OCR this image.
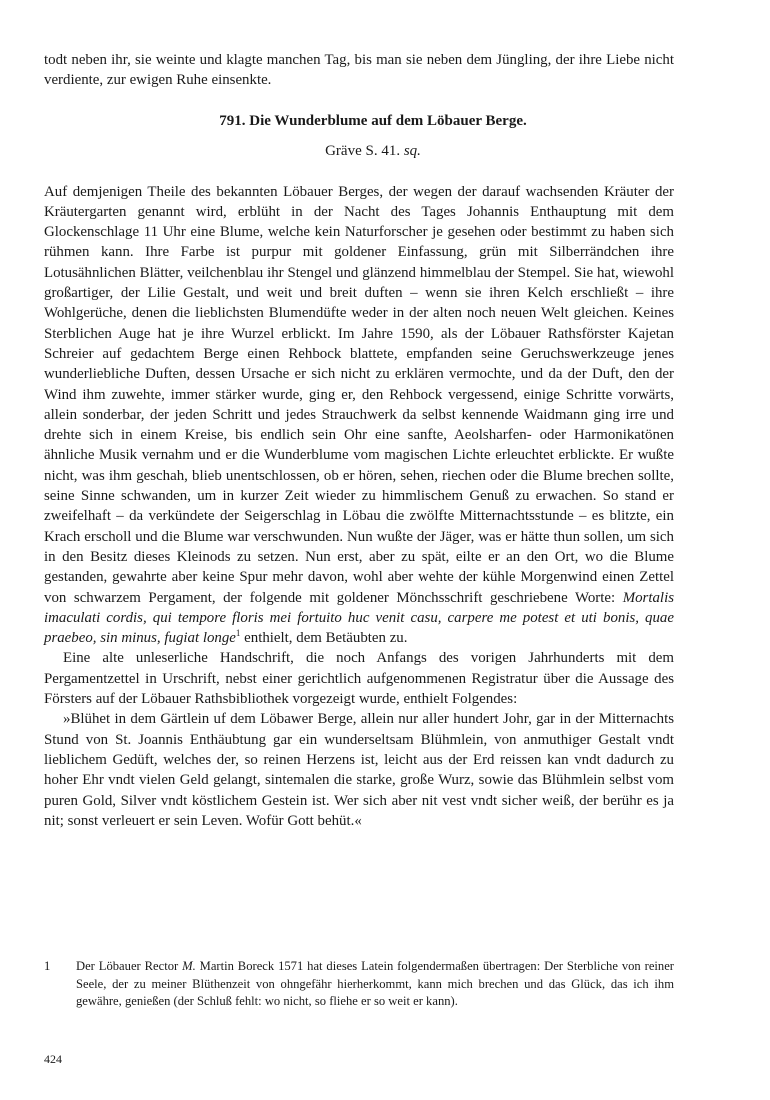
todt neben ihr, sie weinte und klagte manchen Tag, bis man sie neben dem Jüngling, der ihre Liebe nicht verdiente, zur ewigen Ruhe einsenkte.

791. Die Wunderblume auf dem Löbauer Berge.
Gräve S. 41. sq.

Auf demjenigen Theile des bekannten Löbauer Berges, der wegen der darauf wachsenden Kräuter der Kräutergarten genannt wird, erblüht in der Nacht des Tages Johannis Enthauptung mit dem Glockenschlage 11 Uhr eine Blume, welche kein Naturforscher je gesehen oder bestimmt zu haben sich rühmen kann. Ihre Farbe ist purpur mit goldener Einfassung, grün mit Silberrändchen ihre Lotusähnlichen Blätter, veilchenblau ihr Stengel und glänzend himmelblau der Stempel. Sie hat, wiewohl großartiger, der Lilie Gestalt, und weit und breit duften – wenn sie ihren Kelch erschließt – ihre Wohlgerüche, denen die lieblichsten Blumendüfte weder in der alten noch neuen Welt gleichen. Keines Sterblichen Auge hat je ihre Wurzel erblickt. Im Jahre 1590, als der Löbauer Rathsförster Kajetan Schreier auf gedachtem Berge einen Rehbock blattete, empfanden seine Geruchswerkzeuge jenes wunderliebliche Duften, dessen Ursache er sich nicht zu erklären vermochte, und da der Duft, den der Wind ihm zuwehte, immer stärker wurde, ging er, den Rehbock vergessend, einige Schritte vorwärts, allein sonderbar, der jeden Schritt und jedes Strauchwerk da selbst kennende Waidmann ging irre und drehte sich in einem Kreise, bis endlich sein Ohr eine sanfte, Aeolsharfen- oder Harmonikatönen ähnliche Musik vernahm und er die Wunderblume vom magischen Lichte erleuchtet erblickte. Er wußte nicht, was ihm geschah, blieb unentschlossen, ob er hören, sehen, riechen oder die Blume brechen sollte, seine Sinne schwanden, um in kurzer Zeit wieder zu himmlischem Genuß zu erwachen. So stand er zweifelhaft – da verkündete der Seigerschlag in Löbau die zwölfte Mitternachtsstunde – es blitzte, ein Krach erscholl und die Blume war verschwunden. Nun wußte der Jäger, was er hätte thun sollen, um sich in den Besitz dieses Kleinods zu setzen. Nun erst, aber zu spät, eilte er an den Ort, wo die Blume gestanden, gewahrte aber keine Spur mehr davon, wohl aber wehte der kühle Morgenwind einen Zettel von schwarzem Pergament, der folgende mit goldener Mönchsschrift geschriebene Worte: Mortalis imaculati cordis, qui tempore floris mei fortuito huc venit casu, carpere me potest et uti bonis, quae praebeo, sin minus, fugiat longe$^1$ enthielt, dem Betäubten zu.

Eine alte unleserliche Handschrift, die noch Anfangs des vorigen Jahrhunderts mit dem Pergamentzettel in Urschrift, nebst einer gerichtlich aufgenommenen Registratur über die Aussage des Försters auf der Löbauer Rathsbibliothek vorgezeigt wurde, enthielt Folgendes:

»Blühet in dem Gärtlein uf dem Löbawer Berge, allein nur aller hundert Johr, gar in der Mitternachts Stund von St. Joannis Enthäubtung gar ein wunderseltsam Blühmlein, von anmuthiger Gestalt vndt lieblichem Gedüft, welches der, so reinen Herzens ist, leicht aus der Erd reissen kan vndt dadurch zu hoher Ehr vndt vielen Geld gelangt, sintemalen die starke, große Wurz, sowie das Blühmlein selbst vom puren Gold, Silver vndt köstlichem Gestein ist. Wer sich aber nit vest vndt sicher weiß, der berühr es ja nit; sonst verleuert er sein Leven. Wofür Gott behüt.«

1	Der Löbauer Rector M. Martin Boreck 1571 hat dieses Latein folgendermaßen übertragen: Der Sterbliche von reiner Seele, der zu meiner Blüthenzeit von ohngefähr hierherkommt, kann mich brechen und das Glück, das ich ihm gewähre, genießen (der Schluß fehlt: wo nicht, so fliehe er so weit er kann).
424
